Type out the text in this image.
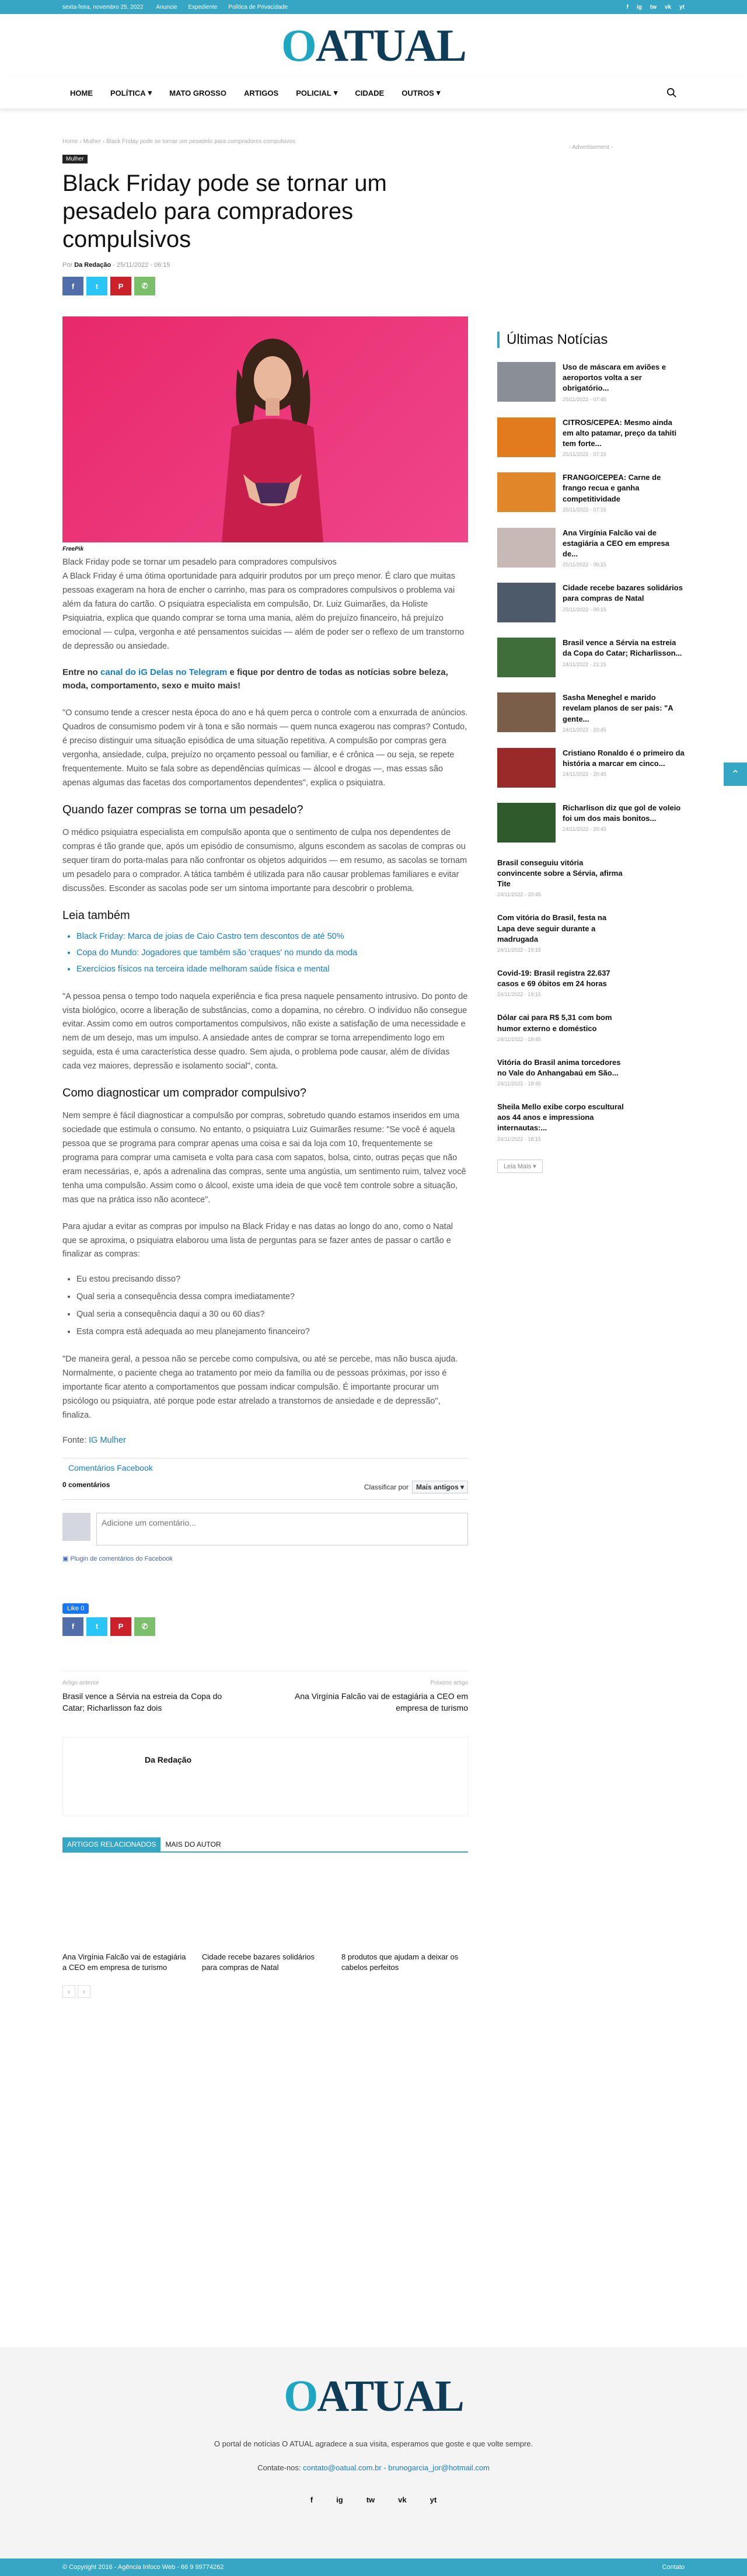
sexta-feira, novembro 25, 2022 Anuncie Expediente Política de Privacidade	f ig tw vk yt
OATUAL
HOME POLÍTICA ▾ MATO GROSSO ARTIGOS POLICIAL ▾ CIDADE OUTROS ▾
Home › Mulher › Black Friday pode se tornar um pesadelo para compradores compulsivos
Mulher
Black Friday pode se tornar um pesadelo para compradores compulsivos
Por Da Redação - 25/11/2022 - 06:15
f	t	P	✆
FreePik

Black Friday pode se tornar um pesadelo para compradores compulsivos

A Black Friday é uma ótima oportunidade para adquirir produtos por um preço menor. É claro que muitas pessoas exageram na hora de encher o carrinho, mas para os compradores compulsivos o problema vai além da fatura do cartão. O psiquiatra especialista em compulsão, Dr. Luiz Guimarães, da Holiste Psiquiatria, explica que quando comprar se torna uma mania, além do prejuízo financeiro, há prejuízo emocional — culpa, vergonha e até pensamentos suicidas — além de poder ser o reflexo de um transtorno de depressão ou ansiedade.

Entre no canal do iG Delas no Telegram e fique por dentro de todas as notícias sobre beleza, moda, comportamento, sexo e muito mais!

"O consumo tende a crescer nesta época do ano e há quem perca o controle com a enxurrada de anúncios. Quadros de consumismo podem vir à tona e são normais — quem nunca exagerou nas compras? Contudo, é preciso distinguir uma situação episódica de uma situação repetitiva. A compulsão por compras gera vergonha, ansiedade, culpa, prejuízo no orçamento pessoal ou familiar, e é crônica — ou seja, se repete frequentemente. Muito se fala sobre as dependências químicas — álcool e drogas —, mas essas são apenas algumas das facetas dos comportamentos dependentes", explica o psiquiatra.

Quando fazer compras se torna um pesadelo?

O médico psiquiatra especialista em compulsão aponta que o sentimento de culpa nos dependentes de compras é tão grande que, após um episódio de consumismo, alguns escondem as sacolas de compras ou sequer tiram do porta-malas para não confrontar os objetos adquiridos — em resumo, as sacolas se tornam um pesadelo para o comprador. A tática também é utilizada para não causar problemas familiares e evitar discussões. Esconder as sacolas pode ser um sintoma importante para descobrir o problema.

Leia também
• Black Friday: Marca de joias de Caio Castro tem descontos de até 50%
• Copa do Mundo: Jogadores que também são 'craques' no mundo da moda
• Exercícios físicos na terceira idade melhoram saúde física e mental

"A pessoa pensa o tempo todo naquela experiência e fica presa naquele pensamento intrusivo. Do ponto de vista biológico, ocorre a liberação de substâncias, como a dopamina, no cérebro. O indivíduo não consegue evitar. Assim como em outros comportamentos compulsivos, não existe a satisfação de uma necessidade e nem de um desejo, mas um impulso. A ansiedade antes de comprar se torna arrependimento logo em seguida, esta é uma característica desse quadro. Sem ajuda, o problema pode causar, além de dívidas cada vez maiores, depressão e isolamento social", conta.

Como diagnosticar um comprador compulsivo?

Nem sempre é fácil diagnosticar a compulsão por compras, sobretudo quando estamos inseridos em uma sociedade que estimula o consumo. No entanto, o psiquiatra Luiz Guimarães resume: "Se você é aquela pessoa que se programa para comprar apenas uma coisa e sai da loja com 10, frequentemente se programa para comprar uma camiseta e volta para casa com sapatos, bolsa, cinto, outras peças que não eram necessárias, e, após a adrenalina das compras, sente uma angústia, um sentimento ruim, talvez você tenha uma compulsão. Assim como o álcool, existe uma ideia de que você tem controle sobre a situação, mas que na prática isso não acontece".

Para ajudar a evitar as compras por impulso na Black Friday e nas datas ao longo do ano, como o Natal que se aproxima, o psiquiatra elaborou uma lista de perguntas para se fazer antes de passar o cartão e finalizar as compras:

• Eu estou precisando disso?
• Qual seria a consequência dessa compra imediatamente?
• Qual seria a consequência daqui a 30 ou 60 dias?
• Esta compra está adequada ao meu planejamento financeiro?

"De maneira geral, a pessoa não se percebe como compulsiva, ou até se percebe, mas não busca ajuda. Normalmente, o paciente chega ao tratamento por meio da família ou de pessoas próximas, por isso é importante ficar atento a comportamentos que possam indicar compulsão. É importante procurar um psicólogo ou psiquiatra, até porque pode estar atrelado a transtornos de ansiedade e de depressão", finaliza.

Fonte: IG Mulher

Comentários Facebook
0 comentários	Classificar por	Mais antigos ▾
Adicione um comentário...
▣ Plugin de comentários do Facebook
Like 0
f	t	P	✆
Artigo anterior
Brasil vence a Sérvia na estreia da Copa do Catar; Richarlisson faz dois
Próximo artigo
Ana Virgínia Falcão vai de estagiária a CEO em empresa de turismo
Da Redação
ARTIGOS RELACIONADOS	MAIS DO AUTOR
Ana Virgínia Falcão vai de estagiária a CEO em empresa de turismo
Cidade recebe bazares solidários para compras de Natal
8 produtos que ajudam a deixar os cabelos perfeitos
‹	›
- Advertisement -
Últimas Notícias
Uso de máscara em aviões e aeroportos volta a ser obrigatório...
25/11/2022 - 07:45
CITROS/CEPEA: Mesmo ainda em alto patamar, preço da tahiti tem forte...
25/11/2022 - 07:15
FRANGO/CEPEA: Carne de frango recua e ganha competitividade
25/11/2022 - 07:15
Ana Virgínia Falcão vai de estagiária a CEO em empresa de...
25/11/2022 - 06:15
Cidade recebe bazares solidários para compras de Natal
25/11/2022 - 06:15
Brasil vence a Sérvia na estreia da Copa do Catar; Richarlisson...
24/11/2022 - 21:15
Sasha Meneghel e marido revelam planos de ser pais: "A gente...
24/11/2022 - 20:45
Cristiano Ronaldo é o primeiro da história a marcar em cinco...
24/11/2022 - 20:45
Richarlison diz que gol de voleio foi um dos mais bonitos...
24/11/2022 - 20:45
Brasil conseguiu vitória convincente sobre a Sérvia, afirma Tite
24/11/2022 - 20:45
Com vitória do Brasil, festa na Lapa deve seguir durante a madrugada
24/11/2022 - 19:15
Covid-19: Brasil registra 22.637 casos e 69 óbitos em 24 horas
24/11/2022 - 19:15
Dólar cai para R$ 5,31 com bom humor externo e doméstico
24/11/2022 - 18:45
Vitória do Brasil anima torcedores no Vale do Anhangabaú em São...
24/11/2022 - 18:45
Sheila Mello exibe corpo escultural aos 44 anos e impressiona internautas:...
24/11/2022 - 18:15
Leia Mais ▾
⌃
OATUAL
O portal de notícias O ATUAL agradece a sua visita, esperamos que goste e que volte sempre.
Contate-nos: contato@oatual.com.br - brunogarcia_jor@hotmail.com
f	ig	tw	vk	yt
© Copyright 2016 - Agência Infoco Web - 66 9 99774262	Contato
